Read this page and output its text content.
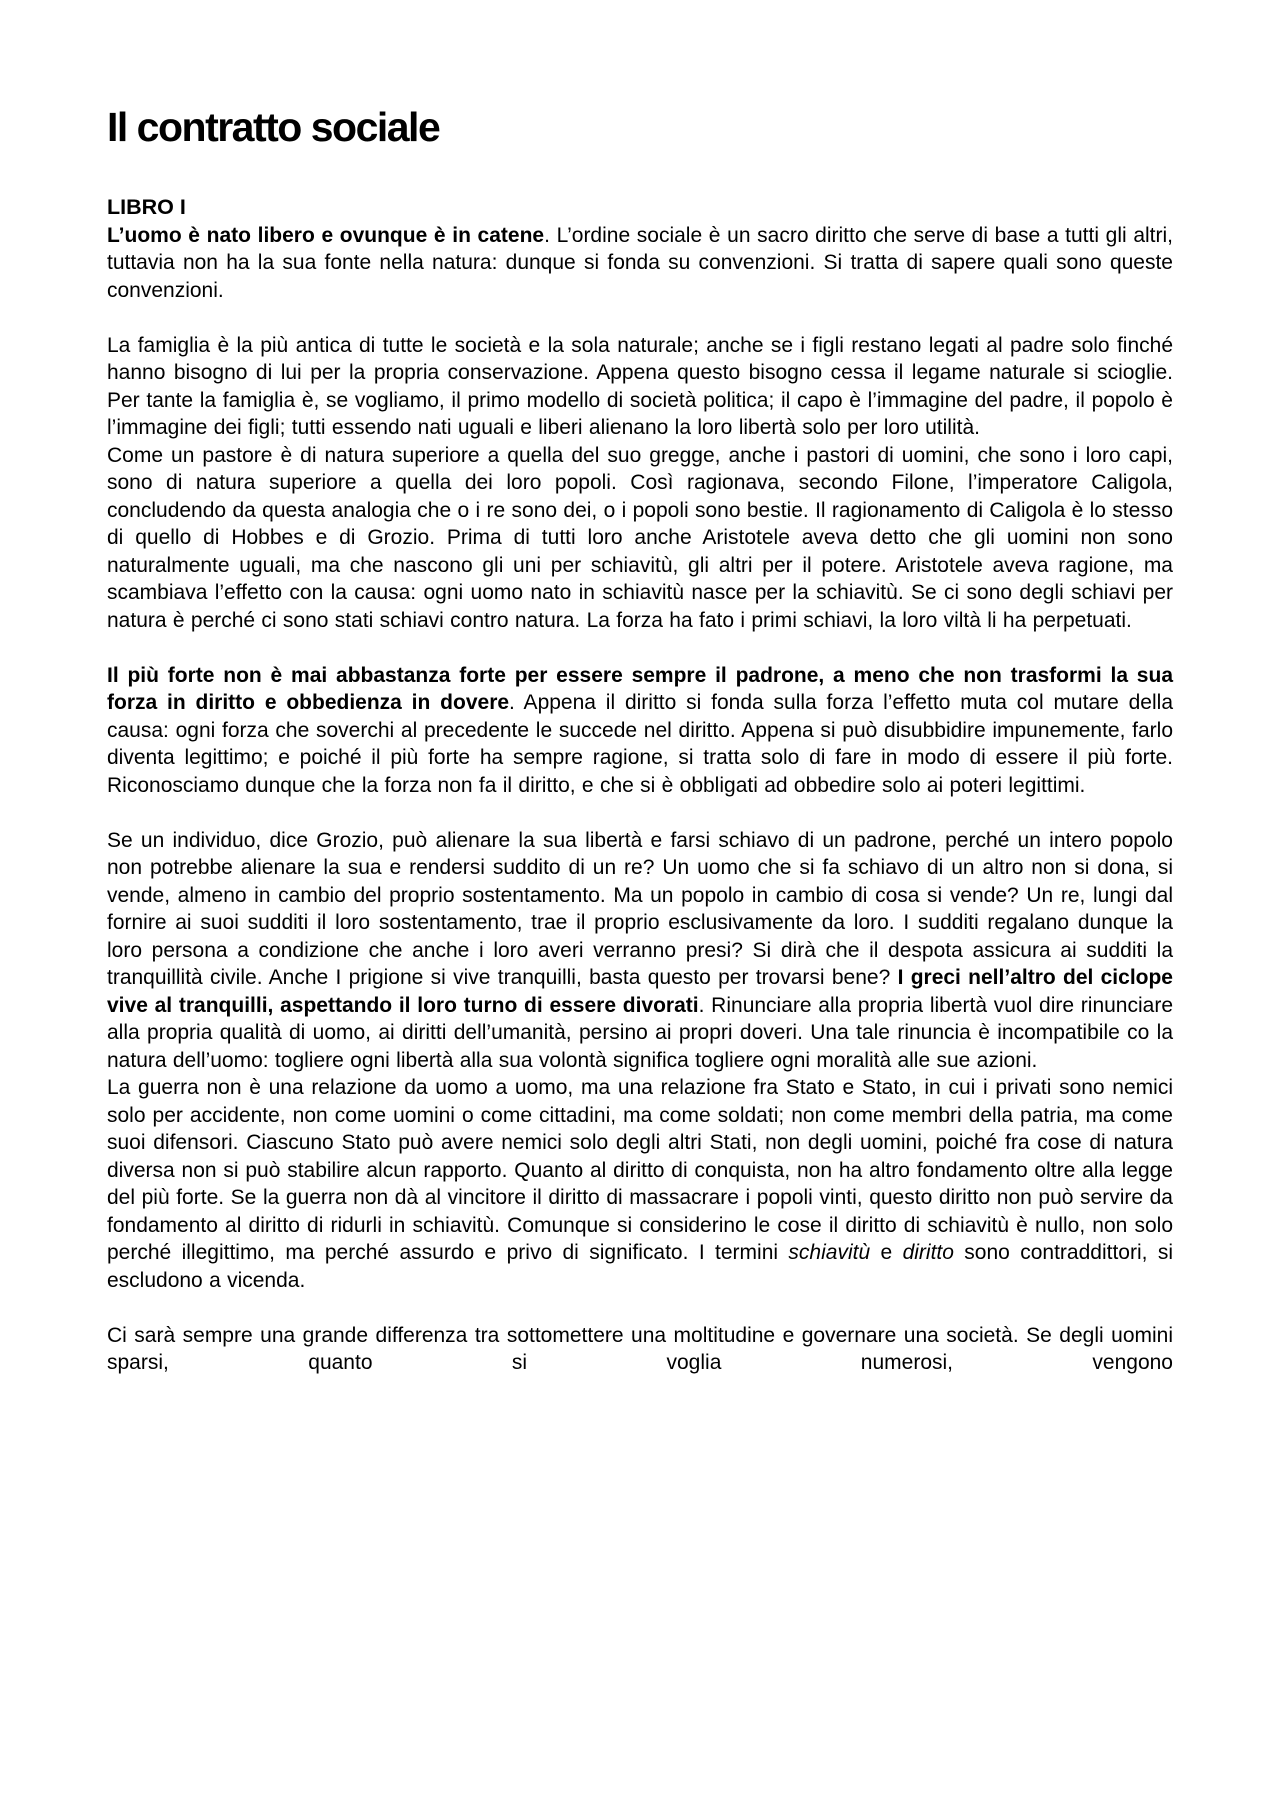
Il contratto sociale
LIBRO I

L’uomo è nato libero e ovunque è in catene. L’ordine sociale è un sacro diritto che serve di base a tutti gli altri, tuttavia non ha la sua fonte nella natura: dunque si fonda su convenzioni. Si tratta di sapere quali sono queste convenzioni.

La famiglia è la più antica di tutte le società e la sola naturale; anche se i figli restano legati al padre solo finché hanno bisogno di lui per la propria conservazione. Appena questo bisogno cessa il legame naturale si scioglie. Per tante la famiglia è, se vogliamo, il primo modello di società politica; il capo è l’immagine del padre, il popolo è l’immagine dei figli; tutti essendo nati uguali e liberi alienano la loro libertà solo per loro utilità.

Come un pastore è di natura superiore a quella del suo gregge, anche i pastori di uomini, che sono i loro capi, sono di natura superiore a quella dei loro popoli. Così ragionava, secondo Filone, l’imperatore Caligola, concludendo da questa analogia che o i re sono dei, o i popoli sono bestie. Il ragionamento di Caligola è lo stesso di quello di Hobbes e di Grozio. Prima di tutti loro anche Aristotele aveva detto che gli uomini non sono naturalmente uguali, ma che nascono gli uni per schiavitù, gli altri per il potere. Aristotele aveva ragione, ma scambiava l’effetto con la causa: ogni uomo nato in schiavitù nasce per la schiavitù. Se ci sono degli schiavi per natura è perché ci sono stati schiavi contro natura. La forza ha fato i primi schiavi, la loro viltà li ha perpetuati.

Il più forte non è mai abbastanza forte per essere sempre il padrone, a meno che non trasformi la sua forza in diritto e obbedienza in dovere. Appena il diritto si fonda sulla forza l’effetto muta col mutare della causa: ogni forza che soverchi al precedente le succede nel diritto. Appena si può disubbidire impunemente, farlo diventa legittimo; e poiché il più forte ha sempre ragione, si tratta solo di fare in modo di essere il più forte. Riconosciamo dunque che la forza non fa il diritto, e che si è obbligati ad obbedire solo ai poteri legittimi.

Se un individuo, dice Grozio, può alienare la sua libertà e farsi schiavo di un padrone, perché un intero popolo non potrebbe alienare la sua e rendersi suddito di un re? Un uomo che si fa schiavo di un altro non si dona, si vende, almeno in cambio del proprio sostentamento. Ma un popolo in cambio di cosa si vende? Un re, lungi dal fornire ai suoi sudditi il loro sostentamento, trae il proprio esclusivamente da loro. I sudditi regalano dunque la loro persona a condizione che anche i loro averi verranno presi? Si dirà che il despota assicura ai sudditi la tranquillità civile. Anche I prigione si vive tranquilli, basta questo per trovarsi bene? I greci nell’altro del ciclope vive al tranquilli, aspettando il loro turno di essere divorati. Rinunciare alla propria libertà vuol dire rinunciare alla propria qualità di uomo, ai diritti dell’umanità, persino ai propri doveri. Una tale rinuncia è incompatibile co la natura dell’uomo: togliere ogni libertà alla sua volontà significa togliere ogni moralità alle sue azioni.

La guerra non è una relazione da uomo a uomo, ma una relazione fra Stato e Stato, in cui i privati sono nemici solo per accidente, non come uomini o come cittadini, ma come soldati; non come membri della patria, ma come suoi difensori. Ciascuno Stato può avere nemici solo degli altri Stati, non degli uomini, poiché fra cose di natura diversa non si può stabilire alcun rapporto. Quanto al diritto di conquista, non ha altro fondamento oltre alla legge del più forte. Se la guerra non dà al vincitore il diritto di massacrare i popoli vinti, questo diritto non può servire da fondamento al diritto di ridurli in schiavitù. Comunque si considerino le cose il diritto di schiavitù è nullo, non solo perché illegittimo, ma perché assurdo e privo di significato. I termini schiavitù e diritto sono contraddittori, si escludono a vicenda.

Ci sarà sempre una grande differenza tra sottomettere una moltitudine e governare una società. Se degli uomini sparsi, quanto si voglia numerosi, vengono
